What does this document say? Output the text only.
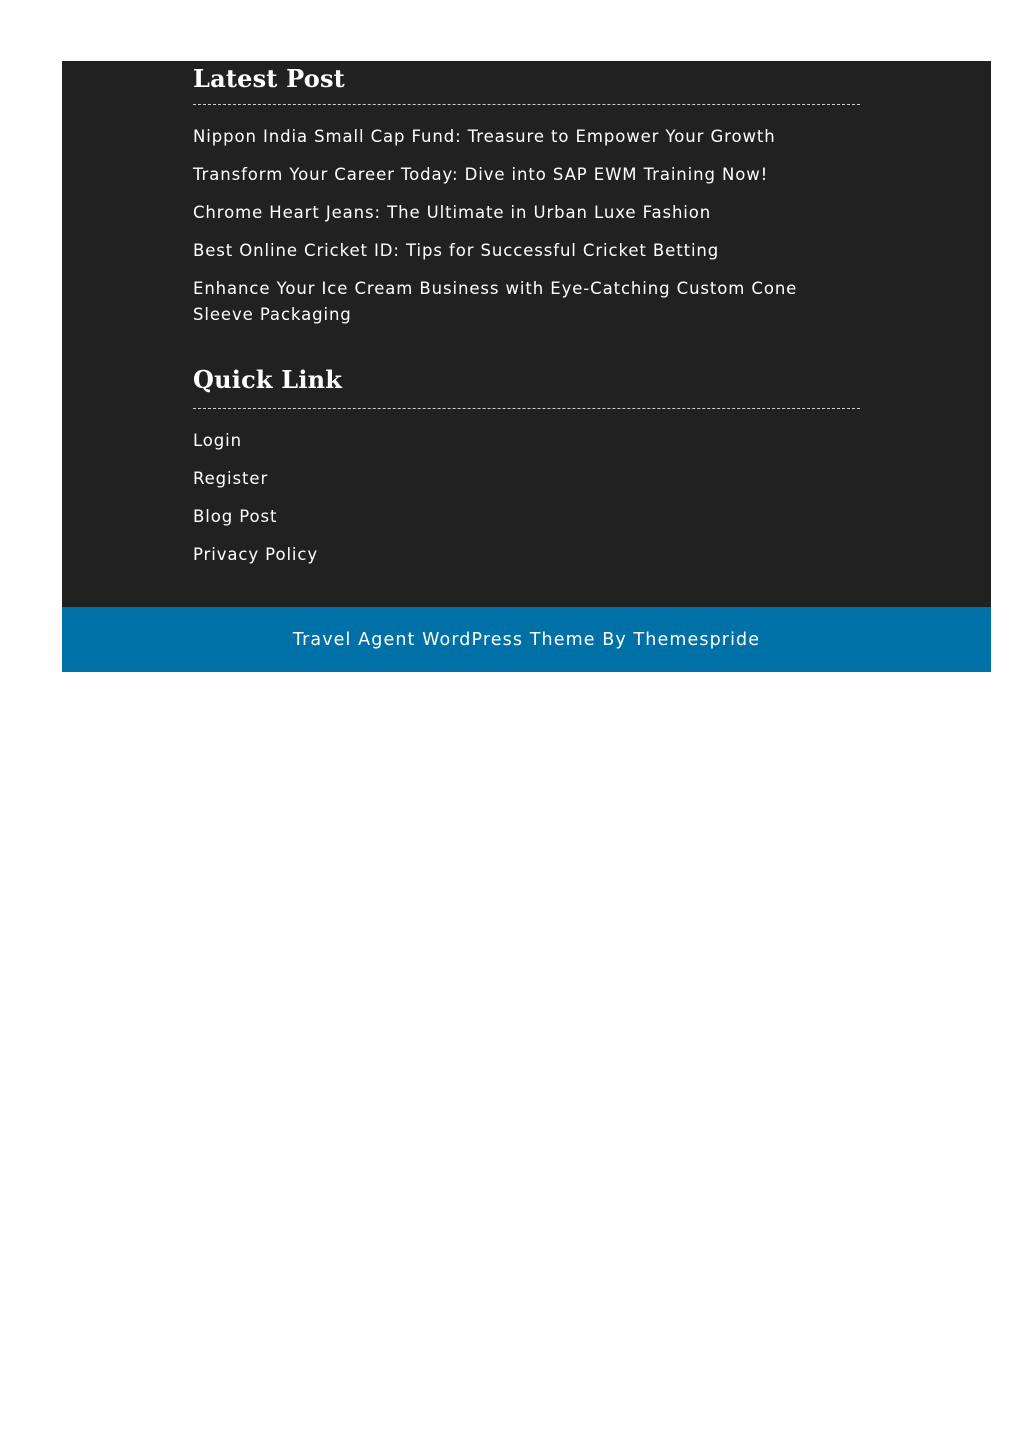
Latest Post
Nippon India Small Cap Fund: Treasure to Empower Your Growth
Transform Your Career Today: Dive into SAP EWM Training Now!
Chrome Heart Jeans: The Ultimate in Urban Luxe Fashion
Best Online Cricket ID: Tips for Successful Cricket Betting
Enhance Your Ice Cream Business with Eye-Catching Custom Cone Sleeve Packaging
Quick Link
Login
Register
Blog Post
Privacy Policy
Travel Agent WordPress Theme By Themespride
